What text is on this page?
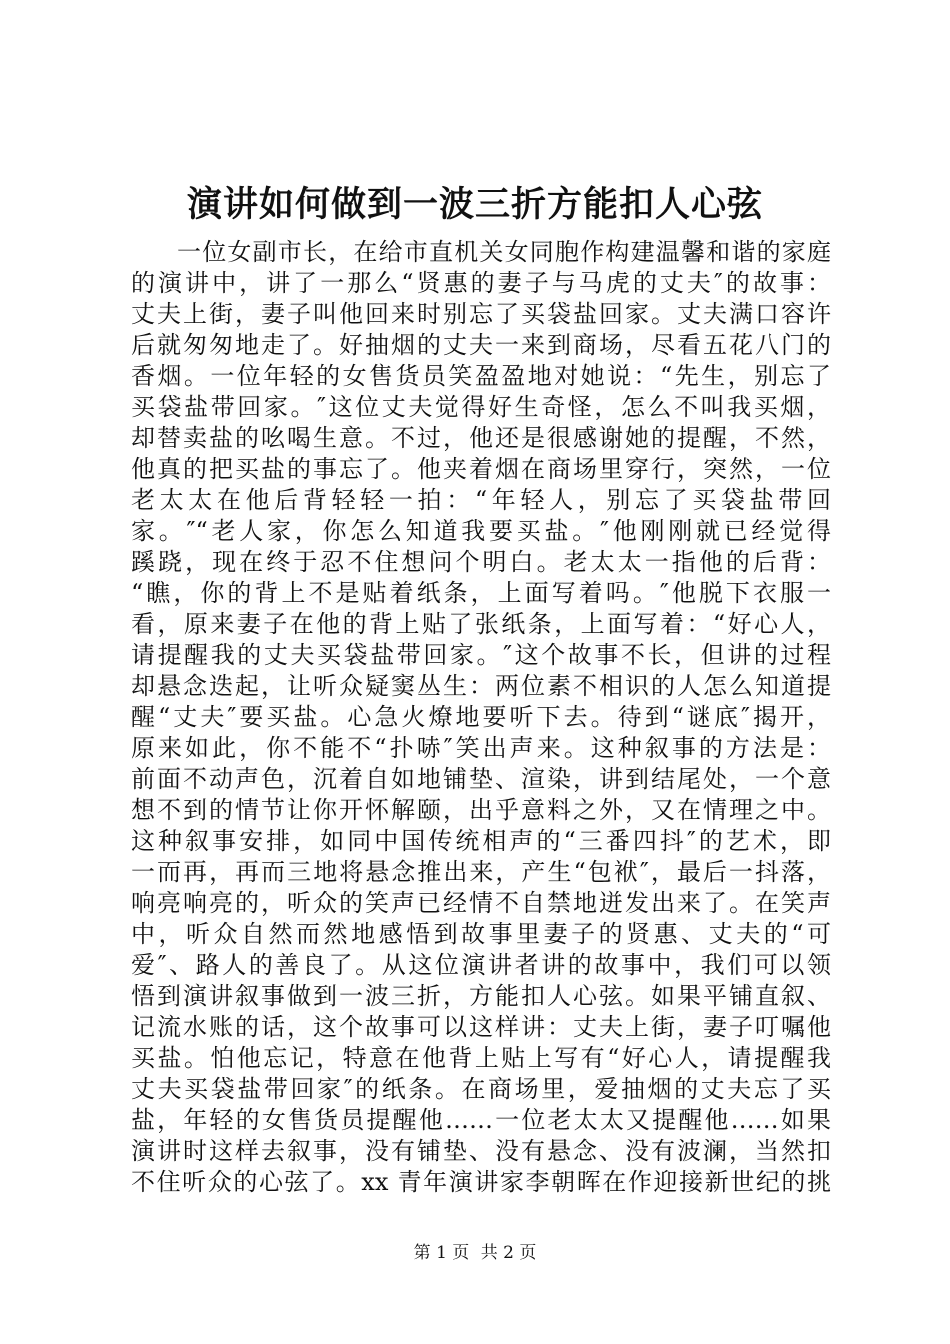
演讲如何做到一波三折方能扣人心弦
一位女副市长，在给市直机关女同胞作构建温馨和谐的家庭
的演讲中，讲了一那么“贤惠的妻子与马虎的丈夫″的故事：
丈夫上街，妻子叫他回来时别忘了买袋盐回家。丈夫满口容许
后就匆匆地走了。好抽烟的丈夫一来到商场，尽看五花八门的
香烟。一位年轻的女售货员笑盈盈地对她说：“先生，别忘了
买袋盐带回家。″这位丈夫觉得好生奇怪，怎么不叫我买烟，
却替卖盐的吆喝生意。不过，他还是很感谢她的提醒，不然，
他真的把买盐的事忘了。他夹着烟在商场里穿行，突然，一位
老太太在他后背轻轻一拍：“年轻人，别忘了买袋盐带回
家。″“老人家，你怎么知道我要买盐。″他刚刚就已经觉得
蹊跷，现在终于忍不住想问个明白。老太太一指他的后背：
“瞧，你的背上不是贴着纸条，上面写着吗。″他脱下衣服一
看，原来妻子在他的背上贴了张纸条，上面写着：“好心人，
请提醒我的丈夫买袋盐带回家。″这个故事不长，但讲的过程
却悬念迭起，让听众疑窦丛生：两位素不相识的人怎么知道提
醒“丈夫″要买盐。心急火燎地要听下去。待到“谜底″揭开，
原来如此，你不能不“扑哧″笑出声来。这种叙事的方法是：
前面不动声色，沉着自如地铺垫、渲染，讲到结尾处，一个意
想不到的情节让你开怀解颐，出乎意料之外，又在情理之中。
这种叙事安排，如同中国传统相声的“三番四抖″的艺术，即
一而再，再而三地将悬念推出来，产生“包袱″，最后一抖落，
响亮响亮的，听众的笑声已经情不自禁地迸发出来了。在笑声
中，听众自然而然地感悟到故事里妻子的贤惠、丈夫的“可
爱″、路人的善良了。从这位演讲者讲的故事中，我们可以领
悟到演讲叙事做到一波三折，方能扣人心弦。如果平铺直叙、
记流水账的话，这个故事可以这样讲：丈夫上街，妻子叮嘱他
买盐。怕他忘记，特意在他背上贴上写有“好心人，请提醒我
丈夫买袋盐带回家″的纸条。在商场里，爱抽烟的丈夫忘了买
盐，年轻的女售货员提醒他……一位老太太又提醒他……如果
演讲时这样去叙事，没有铺垫、没有悬念、没有波澜，当然扣
不住听众的心弦了。xx 青年演讲家李朝晖在作迎接新世纪的挑
第 1 页 共 2 页
